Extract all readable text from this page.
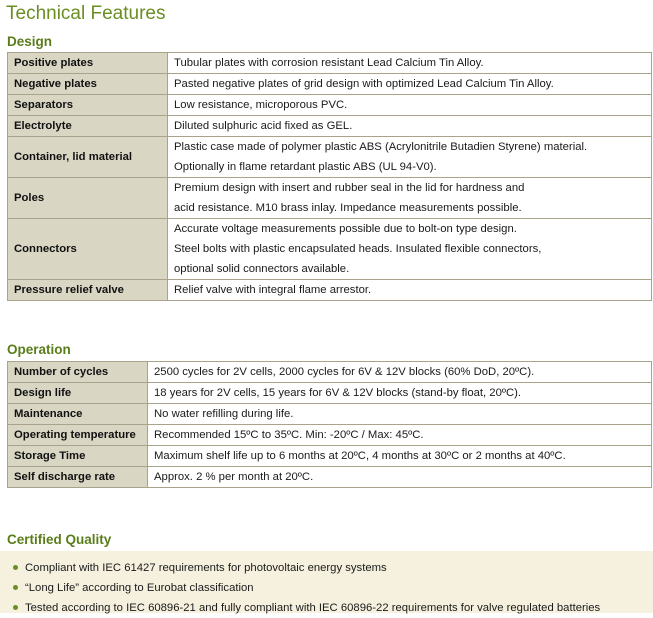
Technical Features
Design
Positive plates	Tubular plates with corrosion resistant Lead Calcium Tin Alloy.

Negative plates	Pasted negative plates of grid design with optimized Lead Calcium Tin Alloy.

Separators	Low resistance, microporous PVC.

Electrolyte	Diluted sulphuric acid fixed as GEL.

Container, lid material	Plastic case made of polymer plastic ABS (Acrylonitrile Butadien Styrene) material.
Optionally in flame retardant plastic ABS (UL 94-V0).

Poles	Premium design with insert and rubber seal in the lid for hardness and
acid resistance. M10 brass inlay. Impedance measurements possible.

Connectors	Accurate voltage measurements possible due to bolt-on type design.
Steel bolts with plastic encapsulated heads. Insulated flexible connectors,
optional solid connectors available.

Pressure relief valve	Relief valve with integral flame arrestor.
Operation
Number of cycles	2500 cycles for 2V cells, 2000 cycles for 6V & 12V blocks (60% DoD, 20ºC).

Design life	18 years for 2V cells, 15 years for 6V & 12V blocks (stand-by float, 20ºC).

Maintenance	No water refilling during life.

Operating temperature	Recommended 15ºC to 35ºC. Min: -20ºC / Max: 45ºC.

Storage Time	Maximum shelf life up to 6 months at 20ºC, 4 months at 30ºC or 2 months at 40ºC.

Self discharge rate	Approx. 2 % per month at 20ºC.
Certified Quality
Compliant with IEC 61427 requirements for photovoltaic energy systems
“Long Life” according to Eurobat classification
Tested according to IEC 60896-21 and fully compliant with IEC 60896-22 requirements for valve regulated batteries
